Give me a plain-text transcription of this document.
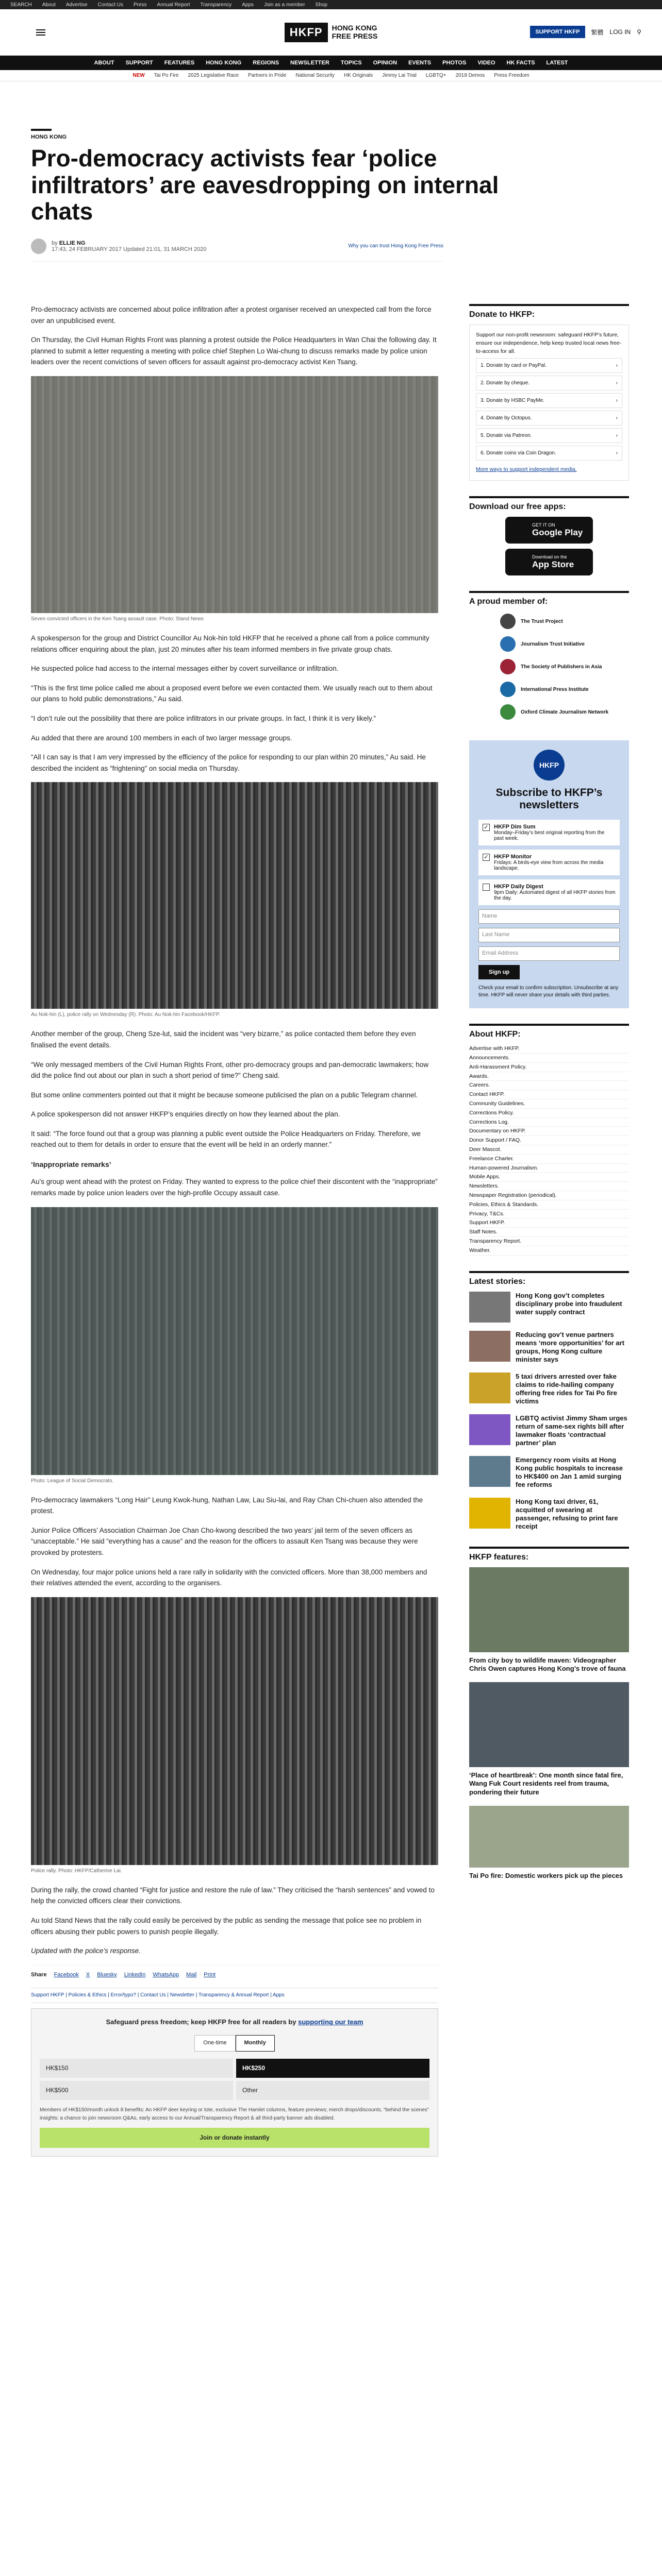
SEARCH About Advertise Contact Us Press Annual Report Transparency Apps Join as a member Shop
HKFP	HONG KONG
FREE PRESS	SUPPORT HKFP	繁體 LOG IN ⚲
ABOUT SUPPORT FEATURES HONG KONG REGIONS NEWSLETTER TOPICS OPINION EVENTS PHOTOS VIDEO HK FACTS LATEST
NEW Tai Po Fire 2025 Legislative Race Partners in Pride National Security HK Originals Jimmy Lai Trial LGBTQ+ 2019 Demos Press Freedom
HONG KONG
Pro-democracy activists fear ‘police infiltrators’ are eavesdropping on internal chats
by ELLIE NG
17:43, 24 FEBRUARY 2017 Updated 21:01, 31 MARCH 2020	Why you can trust Hong Kong Free Press

Pro-democracy activists are concerned about police infiltration after a protest organiser received an unexpected call from the force over an unpublicised event.

On Thursday, the Civil Human Rights Front was planning a protest outside the Police Headquarters in Wan Chai the following day. It planned to submit a letter requesting a meeting with police chief Stephen Lo Wai-chung to discuss remarks made by police union leaders over the recent convictions of seven officers for assault against pro-democracy activist Ken Tsang.

Seven convicted officers in the Ken Tsang assault case. Photo: Stand News

A spokesperson for the group and District Councillor Au Nok-hin told HKFP that he received a phone call from a police community relations officer enquiring about the plan, just 20 minutes after his team informed members in five private group chats.

He suspected police had access to the internal messages either by covert surveillance or infiltration.

“This is the first time police called me about a proposed event before we even contacted them. We usually reach out to them about our plans to hold public demonstrations,” Au said.

“I don’t rule out the possibility that there are police infiltrators in our private groups. In fact, I think it is very likely.”

Au added that there are around 100 members in each of two larger message groups.

“All I can say is that I am very impressed by the efficiency of the police for responding to our plan within 20 minutes,” Au said. He described the incident as “frightening” on social media on Thursday.

Au Nok-hin (L), police rally on Wednesday (R). Photo: Au Nok-hin Facebook/HKFP.

Another member of the group, Cheng Sze-lut, said the incident was “very bizarre,” as police contacted them before they even finalised the event details.

“We only messaged members of the Civil Human Rights Front, other pro-democracy groups and pan-democratic lawmakers; how did the police find out about our plan in such a short period of time?” Cheng said.

But some online commenters pointed out that it might be because someone publicised the plan on a public Telegram channel.

A police spokesperson did not answer HKFP’s enquiries directly on how they learned about the plan.

It said: “The force found out that a group was planning a public event outside the Police Headquarters on Friday. Therefore, we reached out to them for details in order to ensure that the event will be held in an orderly manner.”

‘Inappropriate remarks’

Au’s group went ahead with the protest on Friday. They wanted to express to the police chief their discontent with the “inappropriate” remarks made by police union leaders over the high-profile Occupy assault case.

Photo: League of Social Democrats.

Pro-democracy lawmakers “Long Hair” Leung Kwok-hung, Nathan Law, Lau Siu-lai, and Ray Chan Chi-chuen also attended the protest.

Junior Police Officers’ Association Chairman Joe Chan Cho-kwong described the two years’ jail term of the seven officers as “unacceptable.” He said “everything has a cause” and the reason for the officers to assault Ken Tsang was because they were provoked by protesters.

On Wednesday, four major police unions held a rare rally in solidarity with the convicted officers. More than 38,000 members and their relatives attended the event, according to the organisers.

Police rally. Photo: HKFP/Catherine Lai.

During the rally, the crowd chanted “Fight for justice and restore the rule of law.” They criticised the “harsh sentences” and vowed to help the convicted officers clear their convictions.

Au told Stand News that the rally could easily be perceived by the public as sending the message that police see no problem in officers abusing their public powers to punish people illegally.

Updated with the police’s response.

Share Facebook X Bluesky LinkedIn WhatsApp Mail Print
Support HKFP | Policies & Ethics | Error/typo? | Contact Us | Newsletter | Transparency & Annual Report | Apps
Safeguard press freedom; keep HKFP free for all readers by supporting our team
One-time	Monthly
HK$150	HK$250
HK$500	Other
Members of HK$150/month unlock 8 benefits: An HKFP deer keyring or tote, exclusive The Hamlet columns, feature previews; merch drops/discounts, “behind the scenes” insights; a chance to join newsroom Q&As, early access to our Annual/Transparency Report & all third-party banner ads disabled.
Join or donate instantly
Donate to HKFP:
Support our non-profit newsroom: safeguard HKFP’s future, ensure our independence, help keep trusted local news free-to-access for all.
1. Donate by card or PayPal.	›
2. Donate by cheque.	›
3. Donate by HSBC PayMe.	›
4. Donate by Octopus.	›
5. Donate via Patreon.	›
6. Donate coins via Coin Dragon.	›
More ways to support independent media.
Download our free apps:
GET IT ON
Google Play
Download on the
App Store
A proud member of:
The Trust Project
Journalism Trust Initiative
The Society of Publishers in Asia
International Press Institute
Oxford Climate Journalism Network
HKFP
Subscribe to HKFP’s newsletters
✓ HKFP Dim Sum
Monday–Friday’s best original reporting from the past week.
✓ HKFP Monitor
Fridays: A birds-eye view from across the media landscape.
HKFP Daily Digest
9pm Daily: Automated digest of all HKFP stories from the day.
Name
Last Name
Email Address
Sign up
Check your email to confirm subscription. Unsubscribe at any time. HKFP will never share your details with third parties.
About HKFP:
Advertise with HKFP.
Announcements.
Anti-Harassment Policy.
Awards.
Careers.
Contact HKFP.
Community Guidelines.
Corrections Policy.
Corrections Log.
Documentary on HKFP.
Donor Support / FAQ.
Deer Mascot.
Freelance Charter.
Human-powered Journalism.
Mobile Apps.
Newsletters.
Newspaper Registration (periodical).
Policies, Ethics & Standards.
Privacy, T&Cs.
Support HKFP.
Staff Notes.
Transparency Report.
Weather.
Latest stories:
Hong Kong gov’t completes disciplinary probe into fraudulent water supply contract
Reducing gov’t venue partners means ‘more opportunities’ for art groups, Hong Kong culture minister says
5 taxi drivers arrested over fake claims to ride-hailing company offering free rides for Tai Po fire victims
LGBTQ activist Jimmy Sham urges return of same-sex rights bill after lawmaker floats ‘contractual partner’ plan
Emergency room visits at Hong Kong public hospitals to increase to HK$400 on Jan 1 amid surging fee reforms
Hong Kong taxi driver, 61, acquitted of swearing at passenger, refusing to print fare receipt
HKFP features:
From city boy to wildlife maven: Videographer Chris Owen captures Hong Kong’s trove of fauna
‘Place of heartbreak’: One month since fatal fire, Wang Fuk Court residents reel from trauma, pondering their future
Tai Po fire: Domestic workers pick up the pieces
